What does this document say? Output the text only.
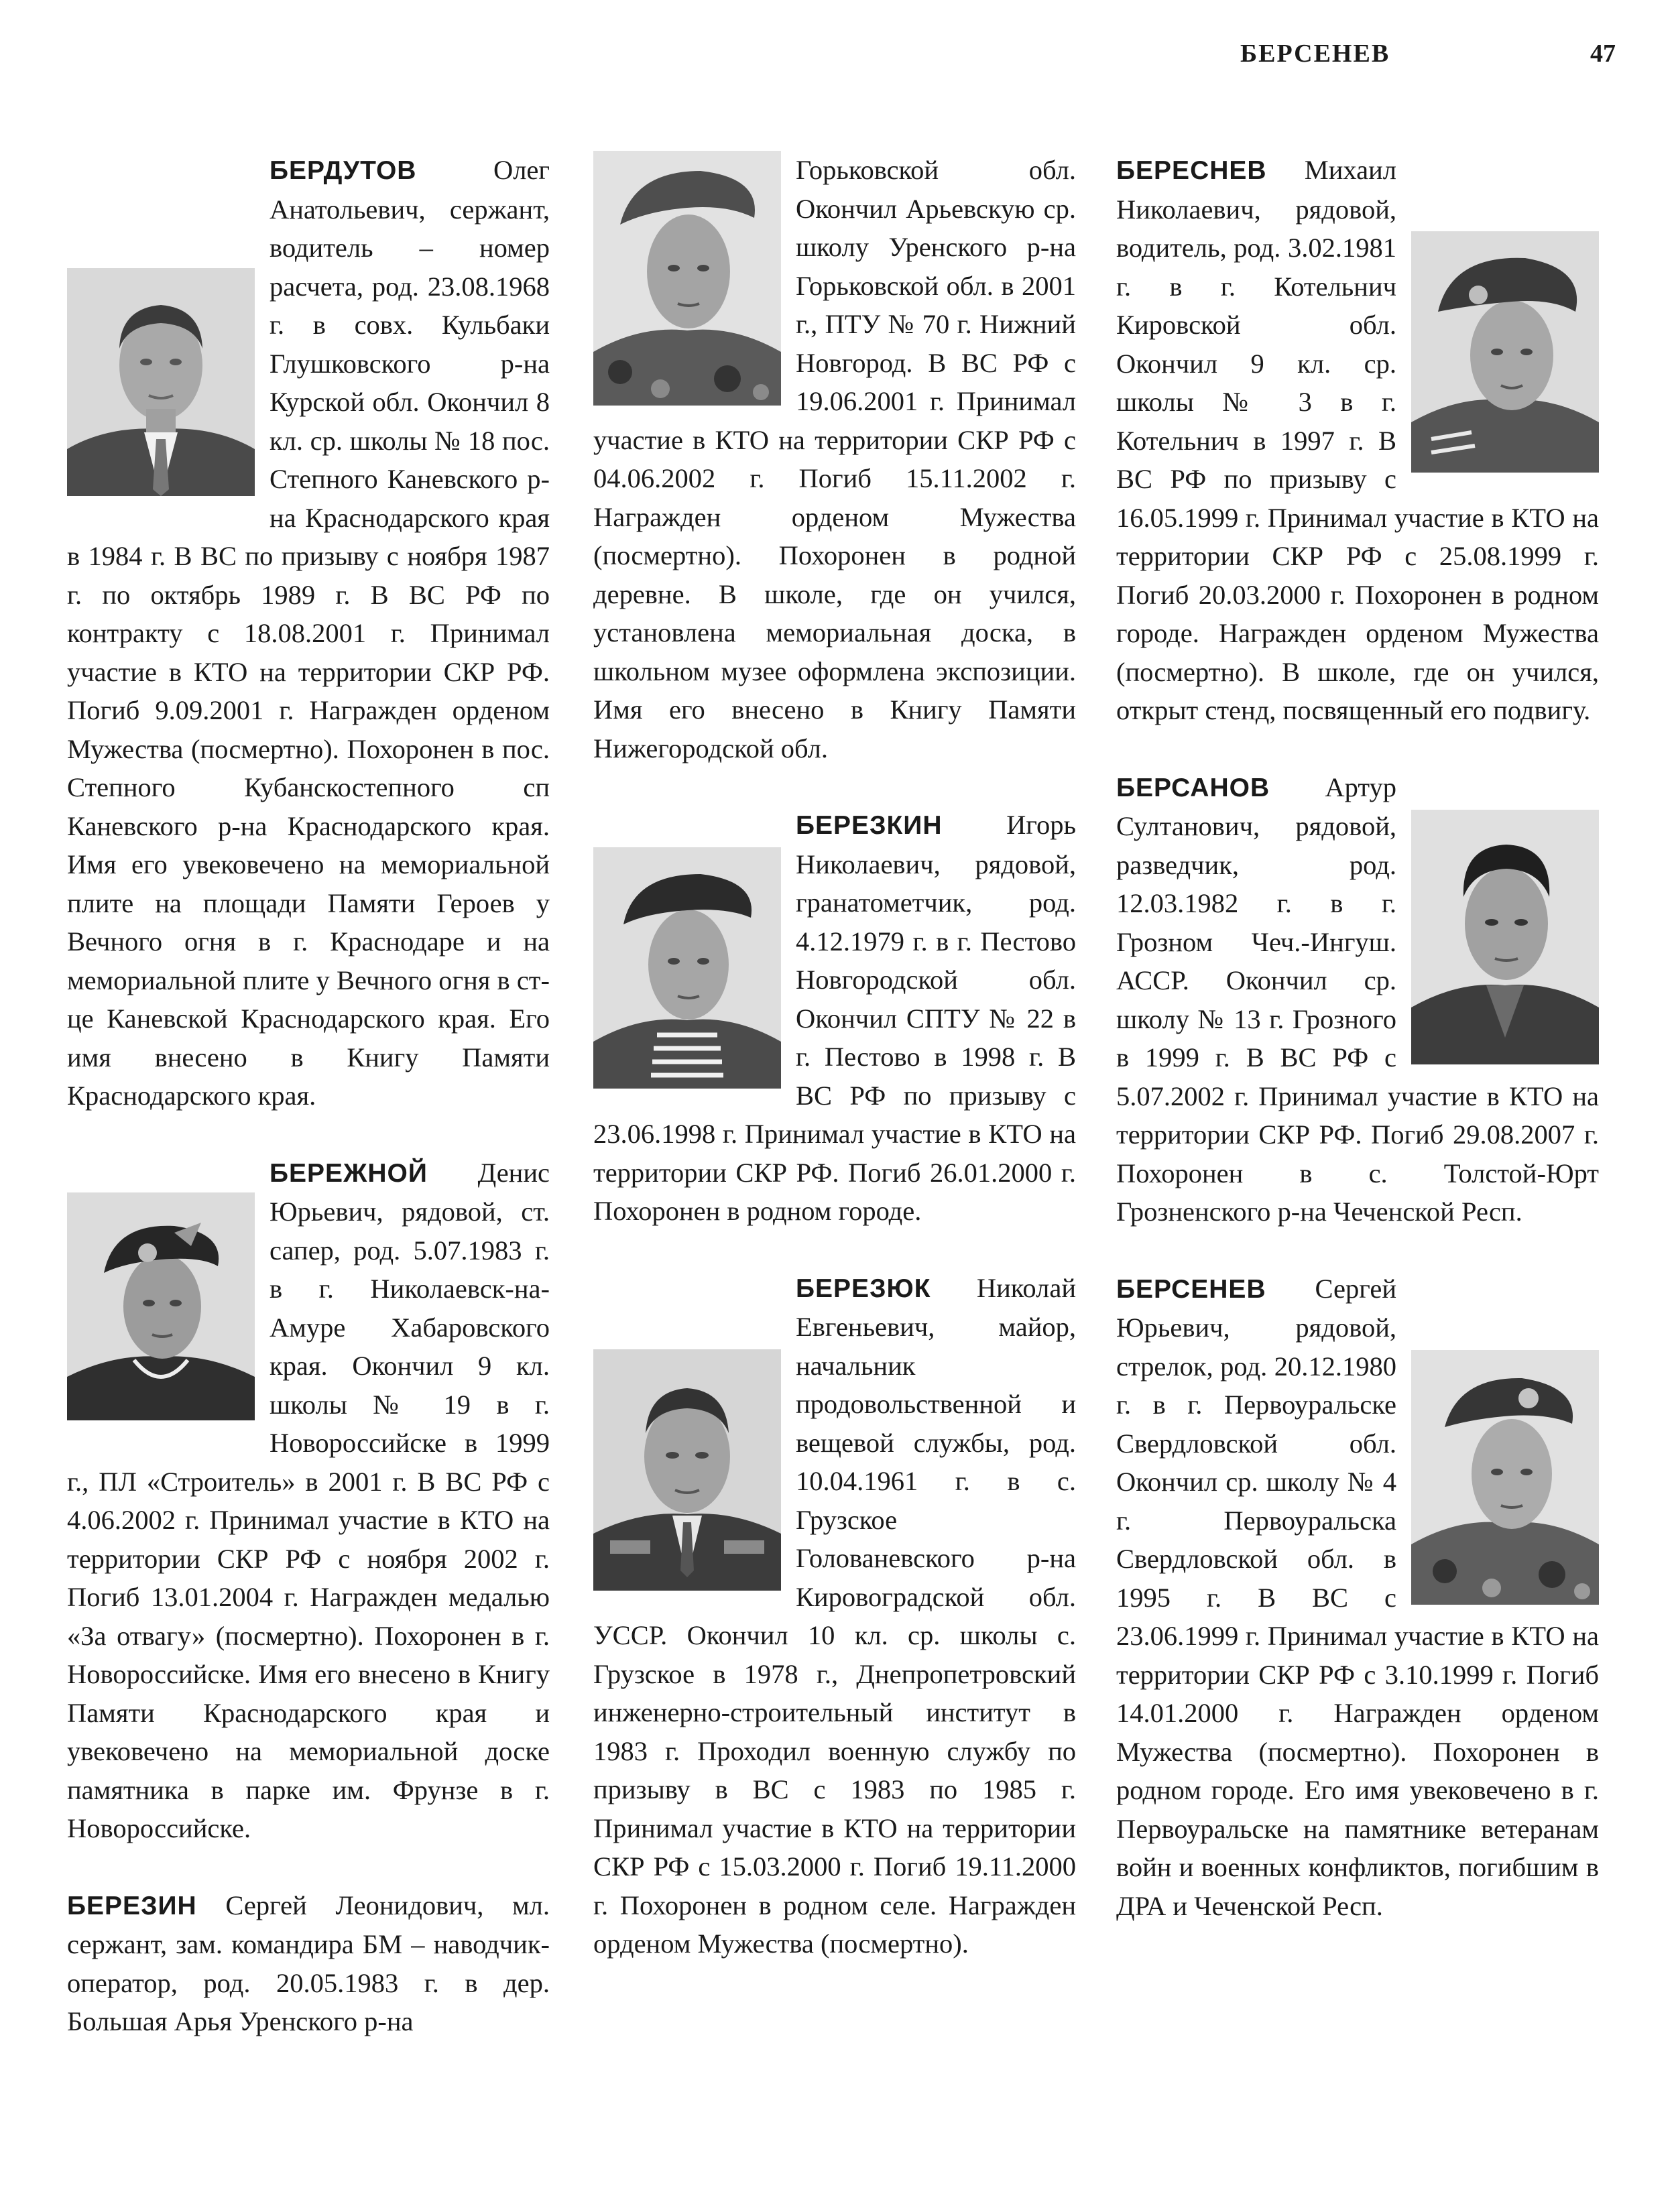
БЕРСЕНЕВ	47

БЕРДУТОВ Олег Анатольевич, сержант, водитель – номер расчета, род. 23.08.1968 г. в совх. Кульбаки Глушковского р-на Курской обл. Окончил 8 кл. ср. школы № 18 пос. Степного Каневского р-на Краснодарского края в 1984 г. В ВС по призыву с ноября 1987 г. по октябрь 1989 г. В ВС РФ по контракту с 18.08.2001 г. Принимал участие в КТО на территории СКР РФ. Погиб 9.09.2001 г. Награжден орденом Мужества (посмертно). Похоронен в пос. Степного Кубанскостепного сп Каневского р-на Краснодарского края. Имя его увековечено на мемориальной плите на площади Памяти Героев у Вечного огня в г. Краснодаре и на мемориальной плите у Вечного огня в ст-це Каневской Краснодарского края. Его имя внесено в Книгу Памяти Краснодарского края.

БЕРЕЖНОЙ Денис Юрьевич, рядовой, ст. сапер, род. 5.07.1983 г. в г. Николаевск-на-Амуре Хабаровского края. Окончил 9 кл. школы № 19 в г. Новороссийске в 1999 г., ПЛ «Строитель» в 2001 г. В ВС РФ с 4.06.2002 г. Принимал участие в КТО на территории СКР РФ с ноября 2002 г. Погиб 13.01.2004 г. Награжден медалью «За отвагу» (посмертно). Похоронен в г. Новороссийске. Имя его внесено в Книгу Памяти Краснодарского края и увековечено на мемориальной доске памятника в парке им. Фрунзе в г. Новороссийске.

БЕРЕЗИН Сергей Леонидович, мл. сержант, зам. командира БМ – наводчик-оператор, род. 20.05.1983 г. в дер. Большая Арья Уренского р-на

Горьковской обл. Окончил Арьевскую ср. школу Уренского р-на Горьковской обл. в 2001 г., ПТУ № 70 г. Нижний Новгород. В ВС РФ с 19.06.2001 г. Принимал участие в КТО на территории СКР РФ с 04.06.2002 г. Погиб 15.11.2002 г. Награжден орденом Мужества (посмертно). Похоронен в родной деревне. В школе, где он учился, установлена мемориальная доска, в школьном музее оформлена экспозиции. Имя его внесено в Книгу Памяти Нижегородской обл.

БЕРЕЗКИН Игорь Николаевич, рядовой, гранатометчик, род. 4.12.1979 г. в г. Пестово Новгородской обл. Окончил СПТУ № 22 в г. Пестово в 1998 г. В ВС РФ по призыву с 23.06.1998 г. Принимал участие в КТО на территории СКР РФ. Погиб 26.01.2000 г. Похоронен в родном городе.

БЕРЕЗЮК Николай Евгеньевич, майор, начальник продовольственной и вещевой службы, род. 10.04.1961 г. в с. Грузское Голованевского р-на Кировоградской обл. УССР. Окончил 10 кл. ср. школы с. Грузское в 1978 г., Днепропетровский инженерно-строительный институт в 1983 г. Проходил военную службу по призыву в ВС с 1983 по 1985 г. Принимал участие в КТО на территории СКР РФ с 15.03.2000 г. Погиб 19.11.2000 г. Похоронен в родном селе. Награжден орденом Мужества (посмертно).

БЕРЕСНЕВ Михаил Николаевич, рядовой, водитель, род. 3.02.1981 г. в г. Котельнич Кировской обл. Окончил 9 кл. ср. школы № 3 в г. Котельнич в 1997 г. В ВС РФ по призыву с 16.05.1999 г. Принимал участие в КТО на территории СКР РФ с 25.08.1999 г. Погиб 20.03.2000 г. Похоронен в родном городе. Награжден орденом Мужества (посмертно). В школе, где он учился, открыт стенд, посвященный его подвигу.

БЕРСАНОВ Артур Султанович, рядовой, разведчик, род. 12.03.1982 г. в г. Грозном Чеч.-Ингуш. АССР. Окончил ср. школу № 13 г. Грозного в 1999 г. В ВС РФ с 5.07.2002 г. Принимал участие в КТО на территории СКР РФ. Погиб 29.08.2007 г. Похоронен в с. Толстой-Юрт Грозненского р-на Чеченской Респ.

БЕРСЕНЕВ Сергей Юрьевич, рядовой, стрелок, род. 20.12.1980 г. в г. Первоуральске Свердловской обл. Окончил ср. школу № 4 г. Первоуральска Свердловской обл. в 1995 г. В ВС с 23.06.1999 г. Принимал участие в КТО на территории СКР РФ с 3.10.1999 г. Погиб 14.01.2000 г. Награжден орденом Мужества (посмертно). Похоронен в родном городе. Его имя увековечено в г. Первоуральске на памятнике ветеранам войн и военных конфликтов, погибшим в ДРА и Чеченской Респ.
